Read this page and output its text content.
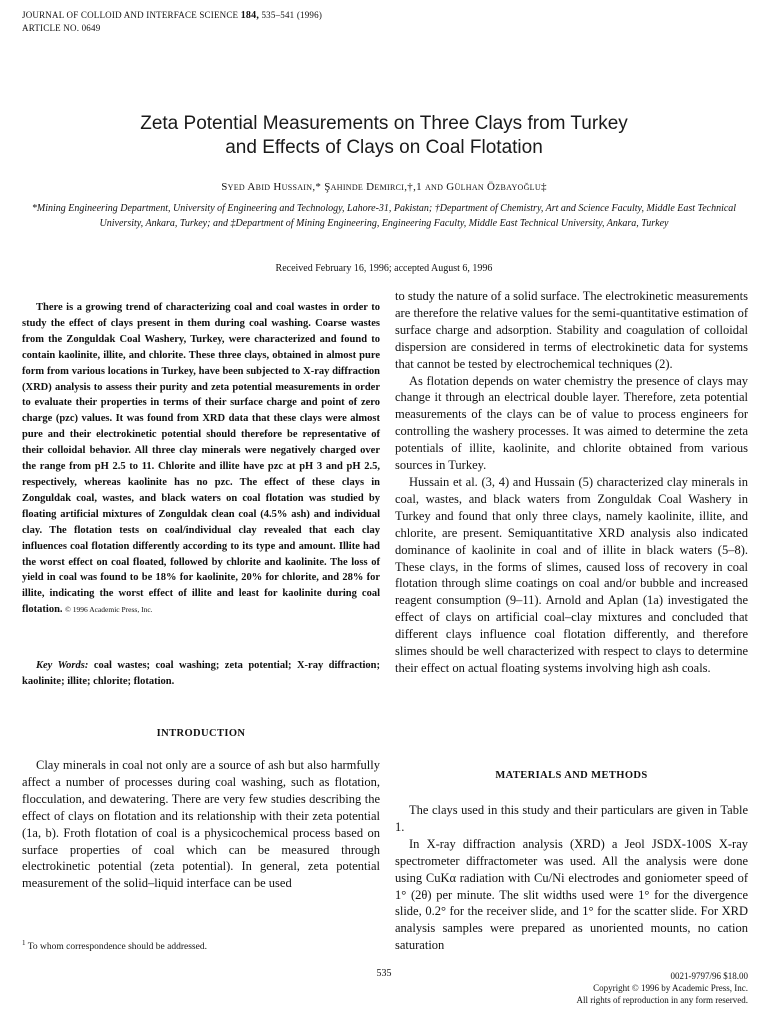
JOURNAL OF COLLOID AND INTERFACE SCIENCE 184, 535–541 (1996)
ARTICLE NO. 0649
Zeta Potential Measurements on Three Clays from Turkey
and Effects of Clays on Coal Flotation
Syed Abid Hussain,* Şahinde Demirci,†,1 and Gülhan Özbayoğlu‡
*Mining Engineering Department, University of Engineering and Technology, Lahore-31, Pakistan; †Department of Chemistry, Art and Science Faculty, Middle East Technical University, Ankara, Turkey; and ‡Department of Mining Engineering, Engineering Faculty, Middle East Technical University, Ankara, Turkey
Received February 16, 1996; accepted August 6, 1996

There is a growing trend of characterizing coal and coal wastes in order to study the effect of clays present in them during coal washing. Coarse wastes from the Zonguldak Coal Washery, Turkey, were characterized and found to contain kaolinite, illite, and chlorite. These three clays, obtained in almost pure form from various locations in Turkey, have been subjected to X-ray diffraction (XRD) analysis to assess their purity and zeta potential measurements in order to evaluate their properties in terms of their surface charge and point of zero charge (pzc) values. It was found from XRD data that these clays were almost pure and their electrokinetic potential should therefore be representative of their colloidal behavior. All three clay minerals were negatively charged over the range from pH 2.5 to 11. Chlorite and illite have pzc at pH 3 and pH 2.5, respectively, whereas kaolinite has no pzc. The effect of these clays in Zonguldak coal, wastes, and black waters on coal flotation was studied by floating artificial mixtures of Zonguldak clean coal (4.5% ash) and individual clay. The flotation tests on coal/individual clay revealed that each clay influences coal flotation differently according to its type and amount. Illite had the worst effect on coal floated, followed by chlorite and kaolinite. The loss of yield in coal was found to be 18% for kaolinite, 20% for chlorite, and 28% for illite, indicating the worst effect of illite and least for kaolinite during coal flotation. © 1996 Academic Press, Inc.

Key Words: coal wastes; coal washing; zeta potential; X-ray diffraction; kaolinite; illite; chlorite; flotation.
INTRODUCTION

Clay minerals in coal not only are a source of ash but also harmfully affect a number of processes during coal washing, such as flotation, flocculation, and dewatering. There are very few studies describing the effect of clays on flotation and its relationship with their zeta potential (1a, b). Froth flotation of coal is a physicochemical process based on surface properties of coal which can be measured through electrokinetic potential (zeta potential). In general, zeta potential measurement of the solid–liquid interface can be used

$^1$ To whom correspondence should be addressed.

to study the nature of a solid surface. The electrokinetic measurements are therefore the relative values for the semi-quantitative estimation of surface charge and adsorption. Stability and coagulation of colloidal dispersion are considered in terms of electrokinetic data for systems that cannot be tested by electrochemical techniques (2).

As flotation depends on water chemistry the presence of clays may change it through an electrical double layer. Therefore, zeta potential measurements of the clays can be of value to process engineers for controlling the washery processes. It was aimed to determine the zeta potentials of illite, kaolinite, and chlorite obtained from various sources in Turkey.

Hussain et al. (3, 4) and Hussain (5) characterized clay minerals in coal, wastes, and black waters from Zonguldak Coal Washery in Turkey and found that only three clays, namely kaolinite, illite, and chlorite, are present. Semiquantitative XRD analysis also indicated dominance of kaolinite in coal and of illite in black waters (5–8). These clays, in the forms of slimes, caused loss of recovery in coal flotation through slime coatings on coal and/or bubble and increased reagent consumption (9–11). Arnold and Aplan (1a) investigated the effect of clays on artificial coal–clay mixtures and concluded that different clays influence coal flotation differently, and therefore slimes should be well characterized with respect to clays to determine their effect on actual floating systems involving high ash coals.

MATERIALS AND METHODS

The clays used in this study and their particulars are given in Table 1.

In X-ray diffraction analysis (XRD) a Jeol JSDX-100S X-ray spectrometer diffractometer was used. All the analysis were done using CuKα radiation with Cu/Ni electrodes and goniometer speed of 1° (2θ) per minute. The slit widths used were 1° for the divergence slide, 0.2° for the receiver slide, and 1° for the scatter slide. For XRD analysis samples were prepared as unoriented mounts, no cation saturation

535	0021-9797/96 $18.00
Copyright © 1996 by Academic Press, Inc.
All rights of reproduction in any form reserved.
